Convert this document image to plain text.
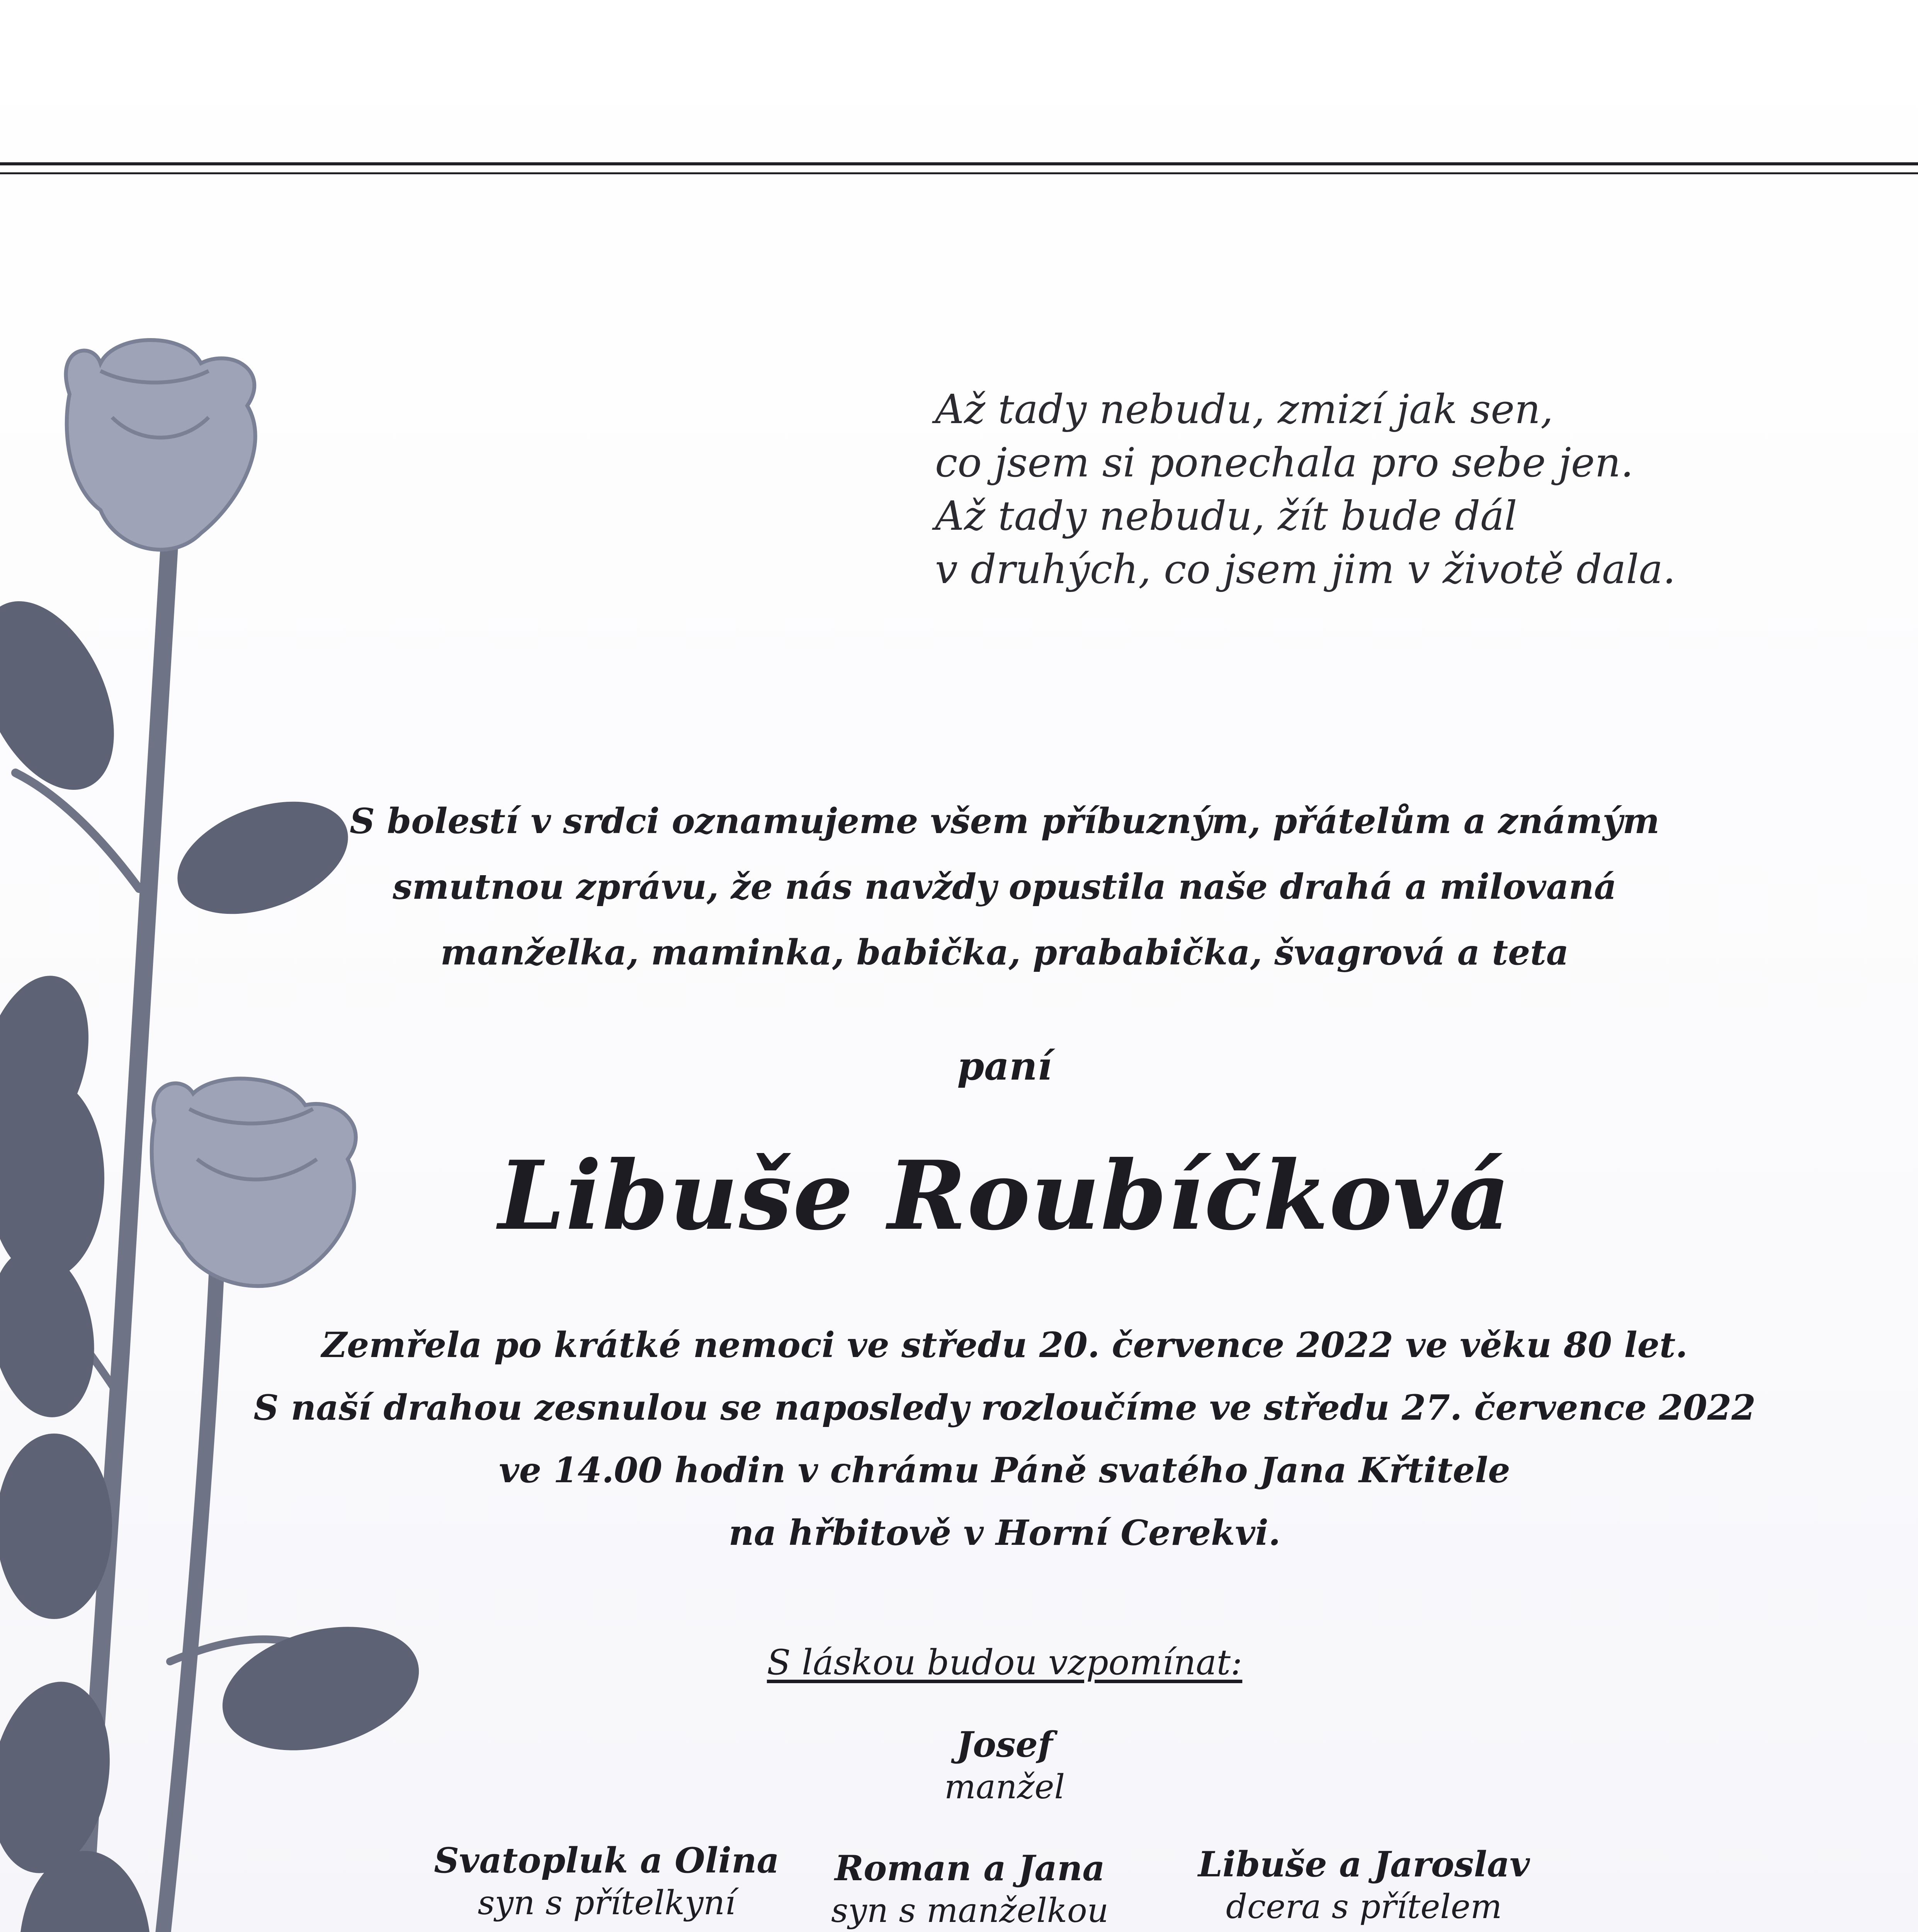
Až tady nebudu, zmizí jak sen,
co jsem si ponechala pro sebe jen.
Až tady nebudu, žít bude dál
v druhých, co jsem jim v životě dala.
S bolestí v srdci oznamujeme všem příbuzným, přátelům a známým
smutnou zprávu, že nás navždy opustila naše drahá a milovaná
manželka, maminka, babička, prababička, švagrová a teta
paní
Libuše Roubíčková
Zemřela po krátké nemoci ve středu 20. července 2022 ve věku 80 let.
S naší drahou zesnulou se naposledy rozloučíme ve středu 27. července 2022
ve 14.00 hodin v chrámu Páně svatého Jana Křtitele
na hřbitově v Horní Cerekvi.
S láskou budou vzpomínat:
Josef
manžel
Svatopluk a Olina
syn s přítelkyní
Roman a Jana
syn s manželkou
Libuše a Jaroslav
dcera s přítelem
